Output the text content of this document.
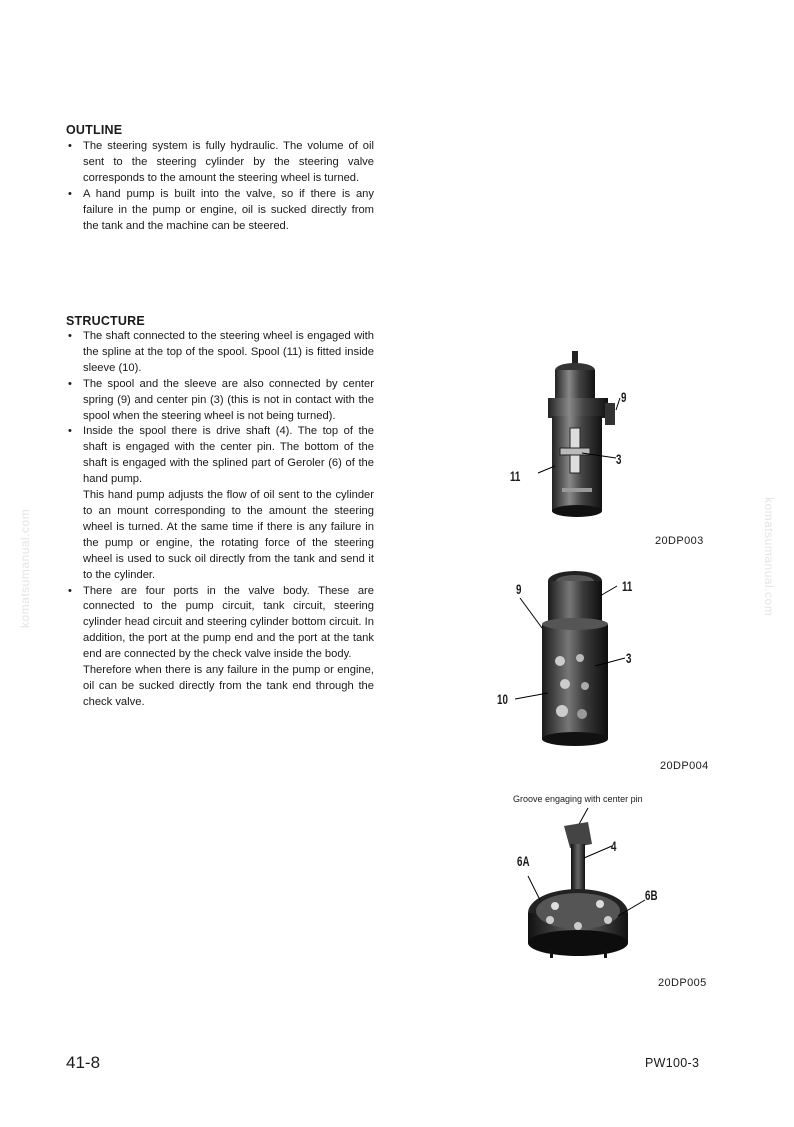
komatsumanual.com	komatsumanual.com
OUTLINE
• The steering system is fully hydraulic. The volume of oil sent to the steering cylinder by the steering valve corresponds to the amount the steering wheel is turned.
• A hand pump is built into the valve, so if there is any failure in the pump or engine, oil is sucked directly from the tank and the machine can be steered.
STRUCTURE
• The shaft connected to the steering wheel is engaged with the spline at the top of the spool. Spool (11) is fitted inside sleeve (10).
• The spool and the sleeve are also connected by center spring (9) and center pin (3) (this is not in contact with the spool when the steering wheel is not being turned).
• Inside the spool there is drive shaft (4). The top of the shaft is engaged with the center pin. The bottom of the shaft is engaged with the splined part of Geroler (6) of the hand pump.
This hand pump adjusts the flow of oil sent to the cylinder to an mount corresponding to the amount the steering wheel is turned. At the same time if there is any failure in the pump or engine, the rotating force of the steering wheel is used to suck oil directly from the tank and send it to the cylinder.
• There are four ports in the valve body. These are connected to the pump circuit, tank circuit, steering cylinder head circuit and steering cylinder bottom circuit. In addition, the port at the pump end and the port at the tank end are connected by the check valve inside the body.
Therefore when there is any failure in the pump or engine, oil can be sucked directly from the tank end through the check valve.
9
3
11
20DP003
9	11
3
10
20DP004
Groove engaging with center pin
4
6A
6B
20DP005
41-8	PW100-3
